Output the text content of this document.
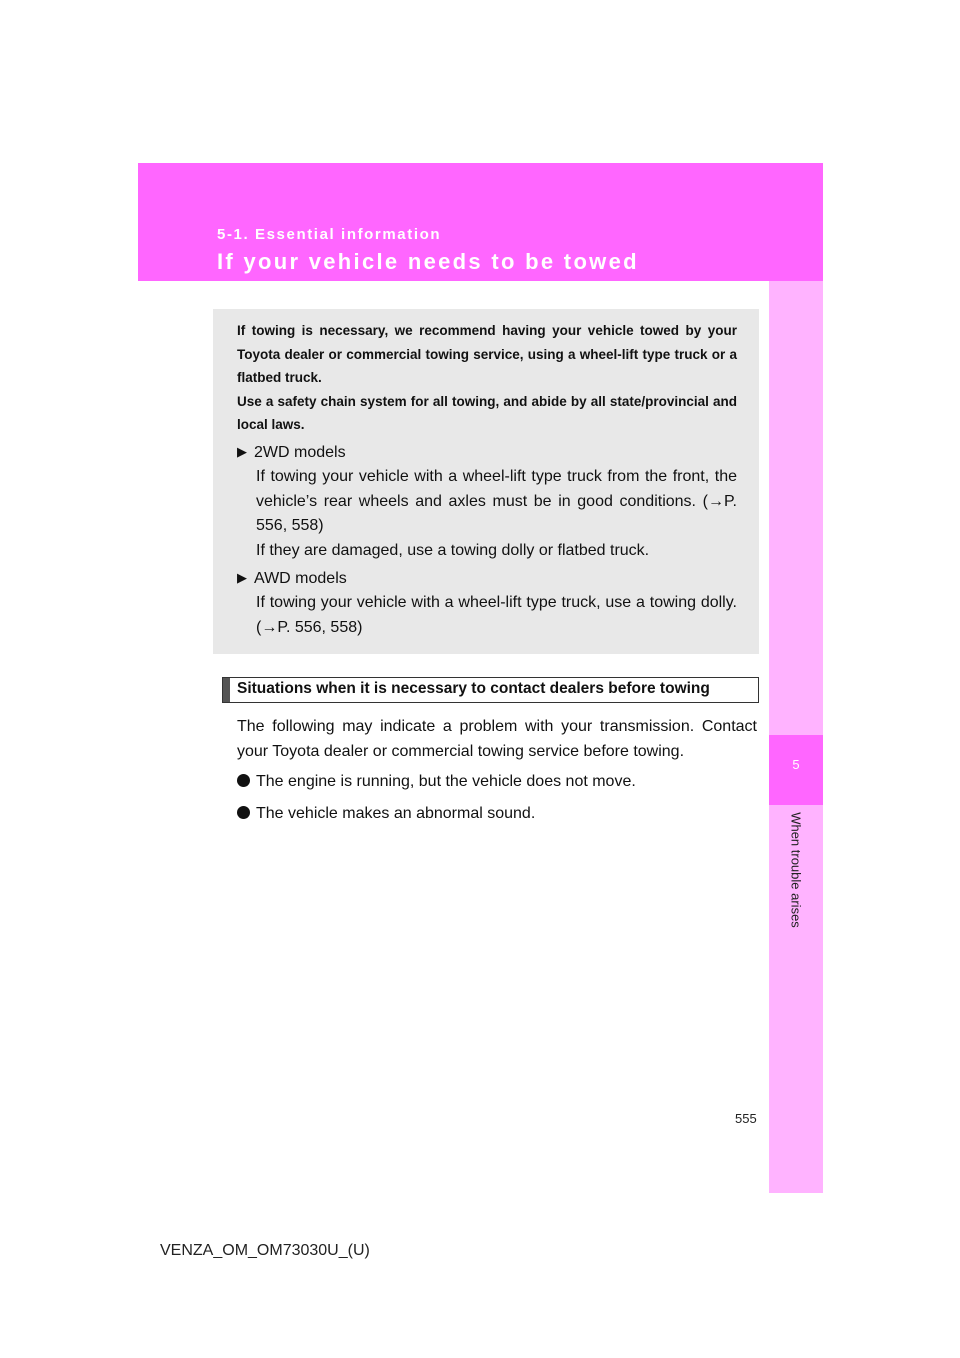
5-1. Essential information
If your vehicle needs to be towed
5
When trouble arises
If towing is necessary, we recommend having your vehicle towed by your Toyota dealer or commercial towing service, using a wheel-lift type truck or a flatbed truck.
Use a safety chain system for all towing, and abide by all state/provincial and local laws.
▶ 2WD models
If towing your vehicle with a wheel-lift type truck from the front, the vehicle’s rear wheels and axles must be in good conditions. (→P. 556, 558)
If they are damaged, use a towing dolly or flatbed truck.
▶ AWD models
If towing your vehicle with a wheel-lift type truck, use a towing dolly. (→P. 556, 558)
Situations when it is necessary to contact dealers before towing
The following may indicate a problem with your transmission. Contact your Toyota dealer or commercial towing service before towing.
The engine is running, but the vehicle does not move.
The vehicle makes an abnormal sound.
555
VENZA_OM_OM73030U_(U)
